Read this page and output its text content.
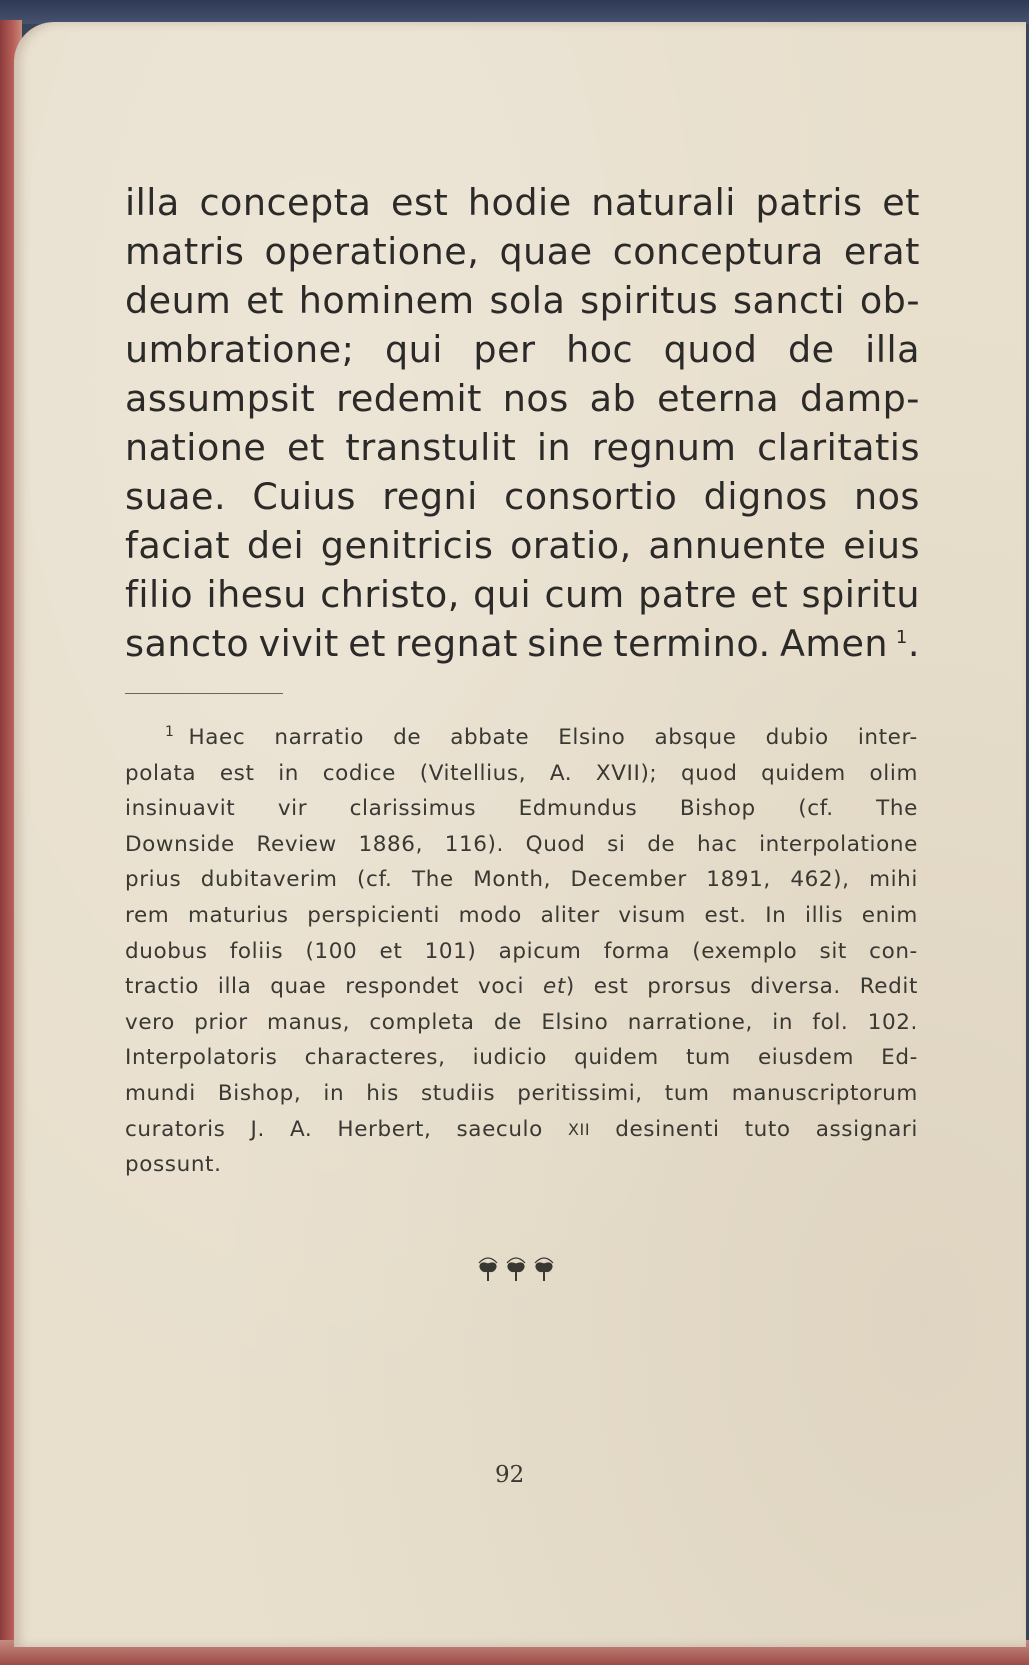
illa concepta est hodie naturali patris et
matris operatione, quae conceptura erat
deum et hominem sola spiritus sancti ob-
umbratione; qui per hoc quod de illa
assumpsit redemit nos ab eterna damp-
natione et transtulit in regnum claritatis
suae. Cuius regni consortio dignos nos
faciat dei genitricis oratio, annuente eius
filio ihesu christo, qui cum patre et spiritu
sancto vivit et regnat sine termino. Amen  $^1$.
$^1$ Haec narratio de abbate Elsino absque dubio inter-
polata est in codice (Vitellius, A. XVII); quod quidem olim
insinuavit vir clarissimus Edmundus Bishop (cf. The
Downside Review 1886, 116). Quod si de hac interpolatione
prius dubitaverim (cf. The Month, December 1891, 462), mihi
rem maturius perspicienti modo aliter visum est. In illis enim
duobus foliis (100 et 101) apicum forma (exemplo sit con-
tractio illa quae respondet voci et) est prorsus diversa. Redit
vero prior manus, completa de Elsino narratione, in fol. 102.
Interpolatoris characteres, iudicio quidem tum eiusdem Ed-
mundi Bishop, in his studiis peritissimi, tum manuscriptorum
curatoris J. A. Herbert, saeculo XII desinenti tuto assignari
possunt.
92
